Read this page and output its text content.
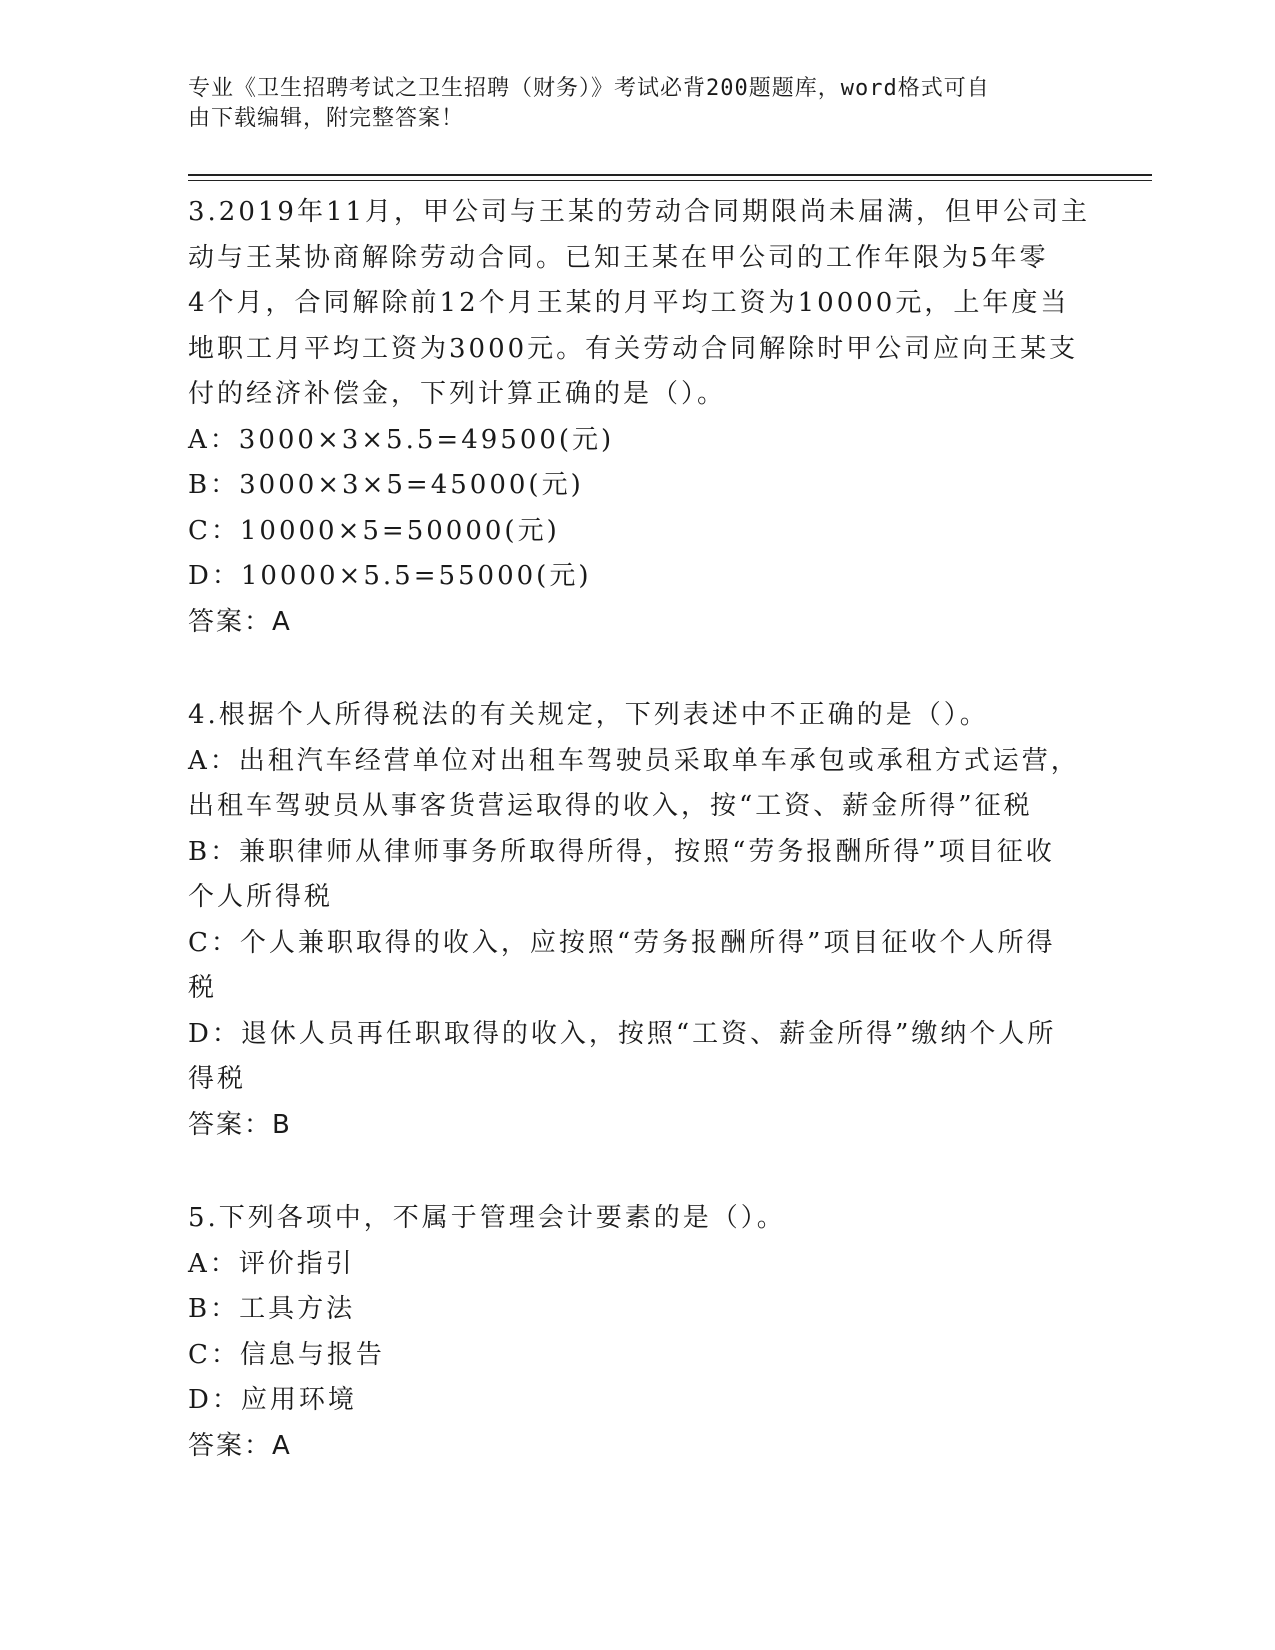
专业《卫生招聘考试之卫生招聘（财务）》考试必背200题题库，word格式可自
由下载编辑，附完整答案！
3.2019年11月，甲公司与王某的劳动合同期限尚未届满，但甲公司主
动与王某协商解除劳动合同。已知王某在甲公司的工作年限为5年零
4个月，合同解除前12个月王某的月平均工资为10000元，上年度当
地职工月平均工资为3000元。有关劳动合同解除时甲公司应向王某支
付的经济补偿金，下列计算正确的是（）。
A：3000×3×5.5=49500(元)
B：3000×3×5=45000(元)
C：10000×5=50000(元)
D：10000×5.5=55000(元)
答案：A
4.根据个人所得税法的有关规定，下列表述中不正确的是（）。
A：出租汽车经营单位对出租车驾驶员采取单车承包或承租方式运营，
出租车驾驶员从事客货营运取得的收入，按“工资、薪金所得”征税
B：兼职律师从律师事务所取得所得，按照“劳务报酬所得”项目征收
个人所得税
C：个人兼职取得的收入，应按照“劳务报酬所得”项目征收个人所得
税
D：退休人员再任职取得的收入，按照“工资、薪金所得”缴纳个人所
得税
答案：B
5.下列各项中，不属于管理会计要素的是（）。
A：评价指引
B：工具方法
C：信息与报告
D：应用环境
答案：A
